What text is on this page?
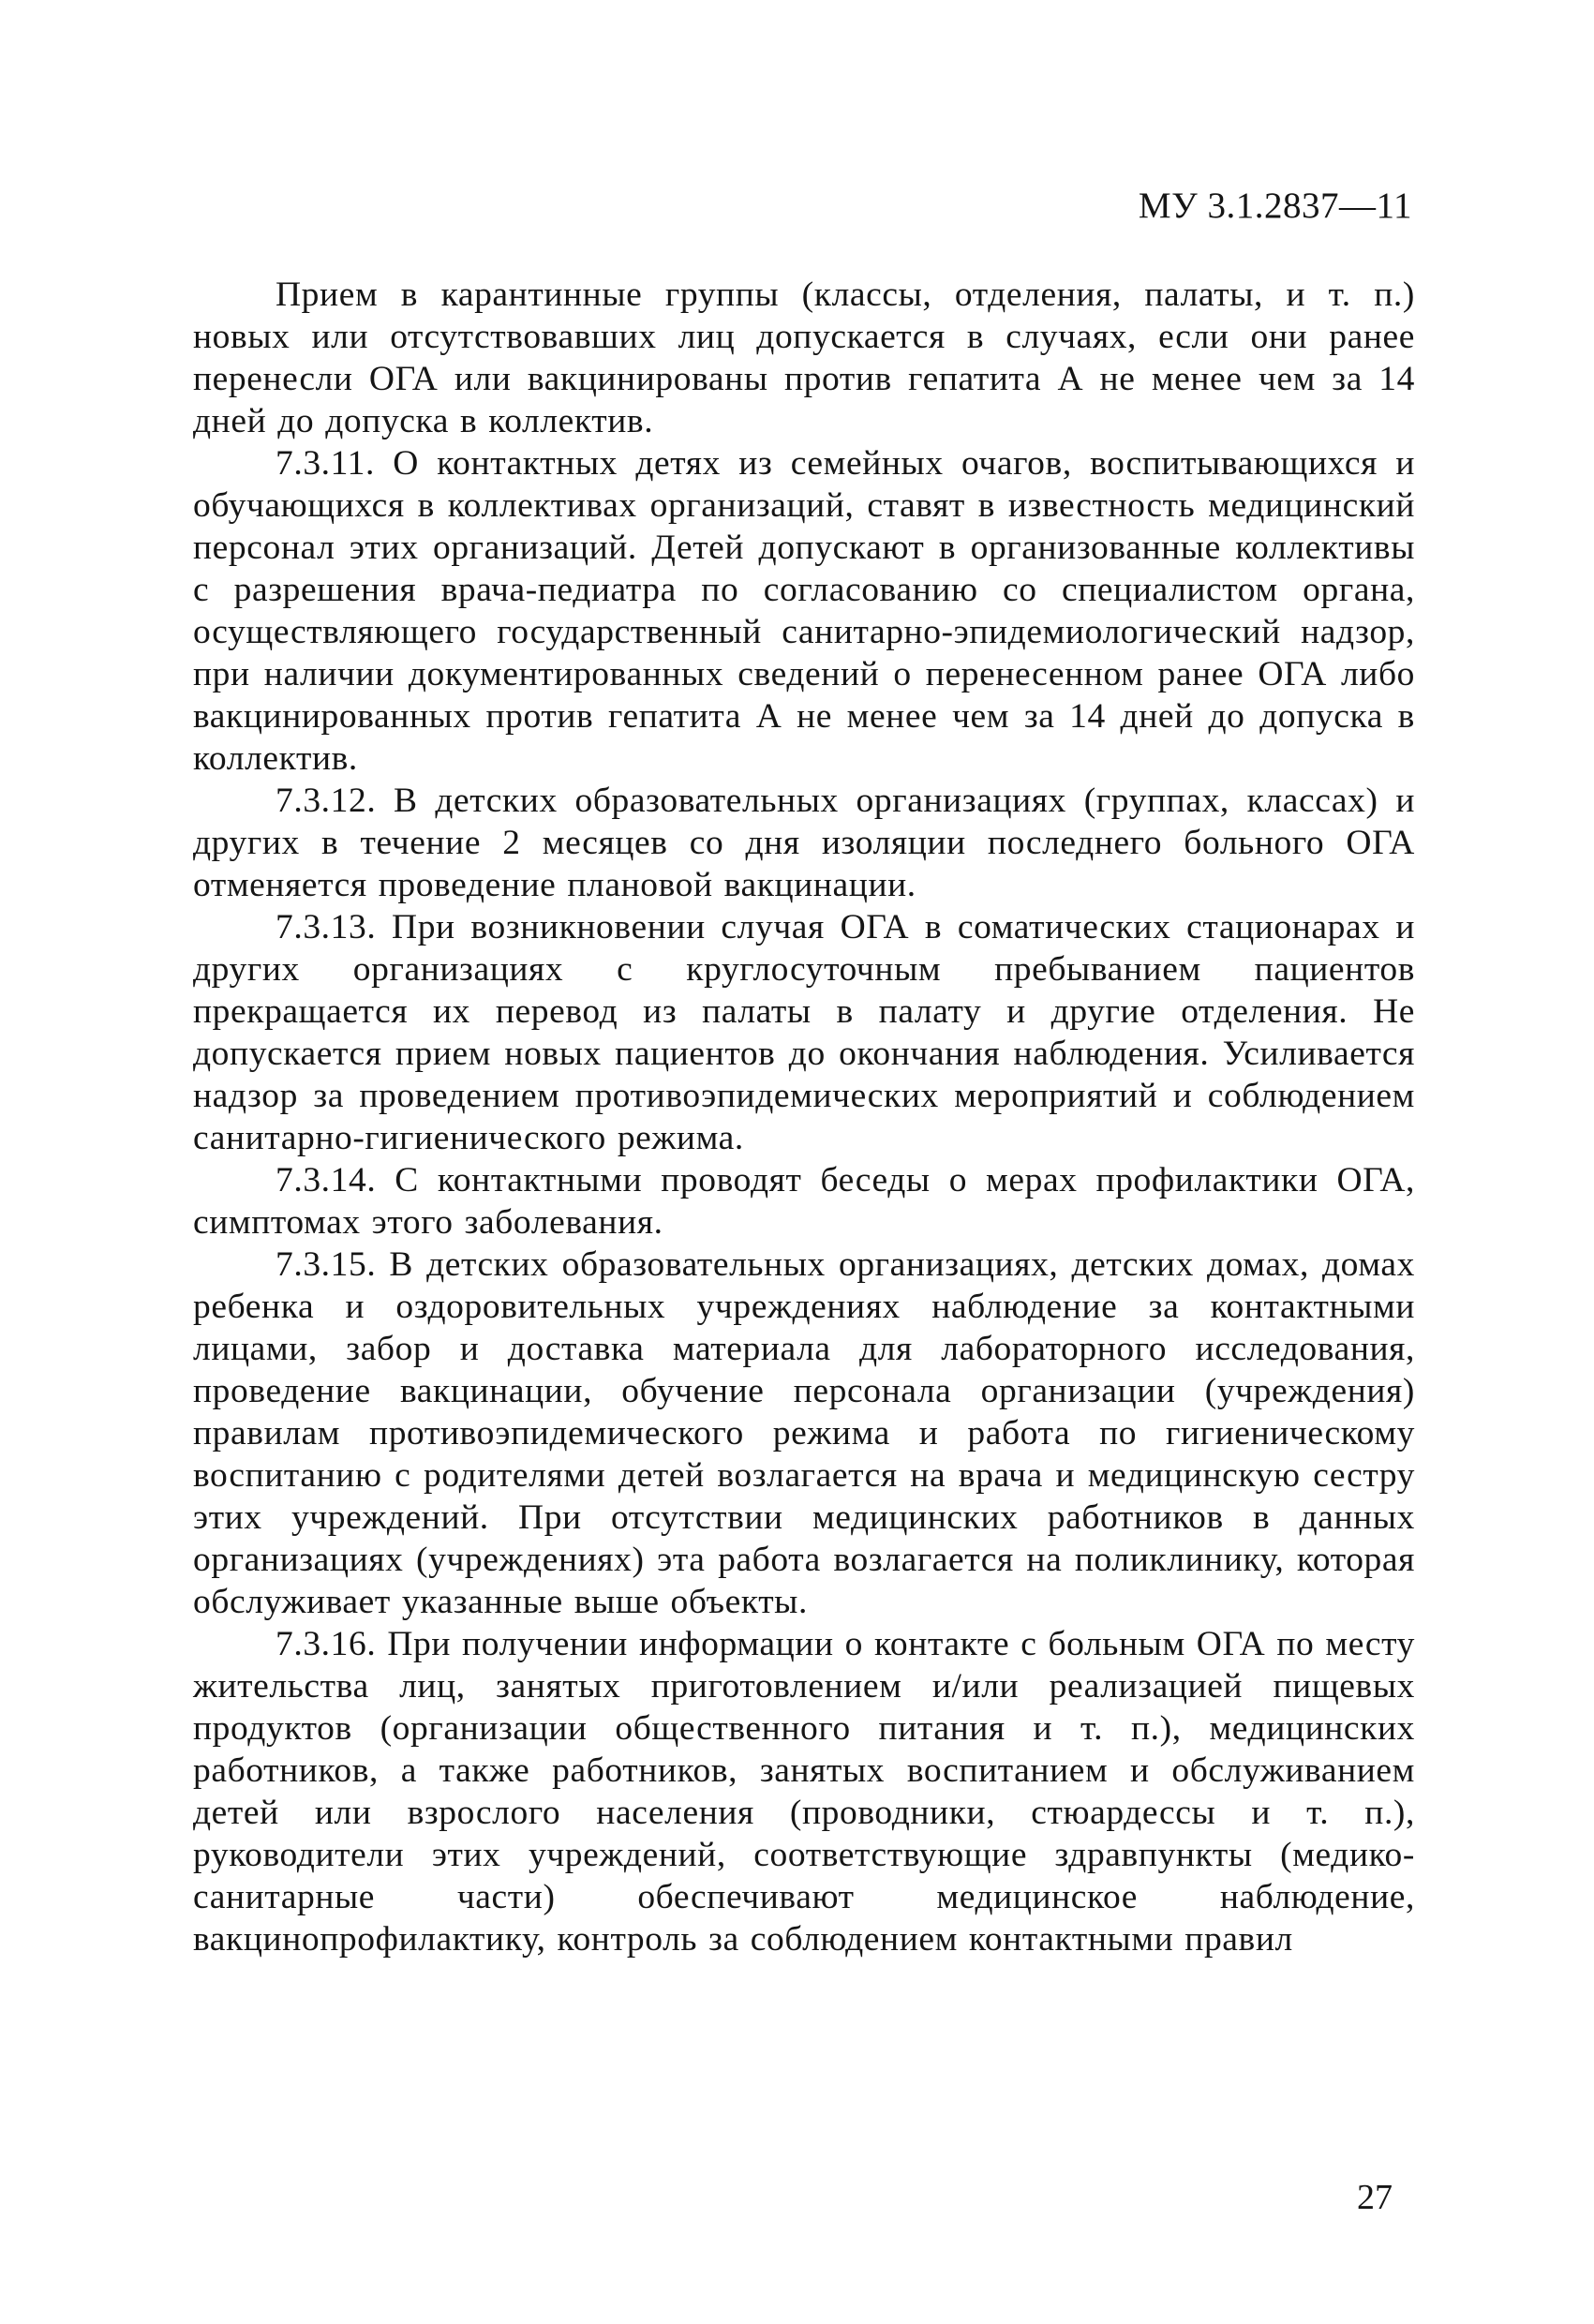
МУ 3.1.2837—11

Прием в карантинные группы (классы, отделения, палаты, и т. п.) новых или отсутствовавших лиц допускается в случаях, если они ранее перенесли ОГА или вакцинированы против гепатита А не менее чем за 14 дней до допуска в коллектив.

7.3.11. О контактных детях из семейных очагов, воспитывающихся и обучающихся в коллективах организаций, ставят в известность медицинский персонал этих организаций. Детей допускают в организованные коллективы с разрешения врача-педиатра по согласованию со специалистом органа, осуществляющего государственный санитарно-эпидемиологический надзор, при наличии документированных сведений о перенесенном ранее ОГА либо вакцинированных против гепатита А не менее чем за 14 дней до допуска в коллектив.

7.3.12. В детских образовательных организациях (группах, классах) и других в течение 2 месяцев со дня изоляции последнего больного ОГА отменяется проведение плановой вакцинации.

7.3.13. При возникновении случая ОГА в соматических стационарах и других организациях с круглосуточным пребыванием пациентов прекращается их перевод из палаты в палату и другие отделения. Не допускается прием новых пациентов до окончания наблюдения. Усиливается надзор за проведением противоэпидемических мероприятий и соблюдением санитарно-гигиенического режима.

7.3.14. С контактными проводят беседы о мерах профилактики ОГА, симптомах этого заболевания.

7.3.15. В детских образовательных организациях, детских домах, домах ребенка и оздоровительных учреждениях наблюдение за контактными лицами, забор и доставка материала для лабораторного исследования, проведение вакцинации, обучение персонала организации (учреждения) правилам противоэпидемического режима и работа по гигиеническому воспитанию с родителями детей возлагается на врача и медицинскую сестру этих учреждений. При отсутствии медицинских работников в данных организациях (учреждениях) эта работа возлагается на поликлинику, которая обслуживает указанные выше объекты.

7.3.16. При получении информации о контакте с больным ОГА по месту жительства лиц, занятых приготовлением и/или реализацией пищевых продуктов (организации общественного питания и т. п.), медицинских работников, а также работников, занятых воспитанием и обслуживанием детей или взрослого населения (проводники, стюардессы и т. п.), руководители этих учреждений, соответствующие здравпункты (медико-санитарные части) обеспечивают медицинское наблюдение, вакцинопрофилактику, контроль за соблюдением контактными правил

27
